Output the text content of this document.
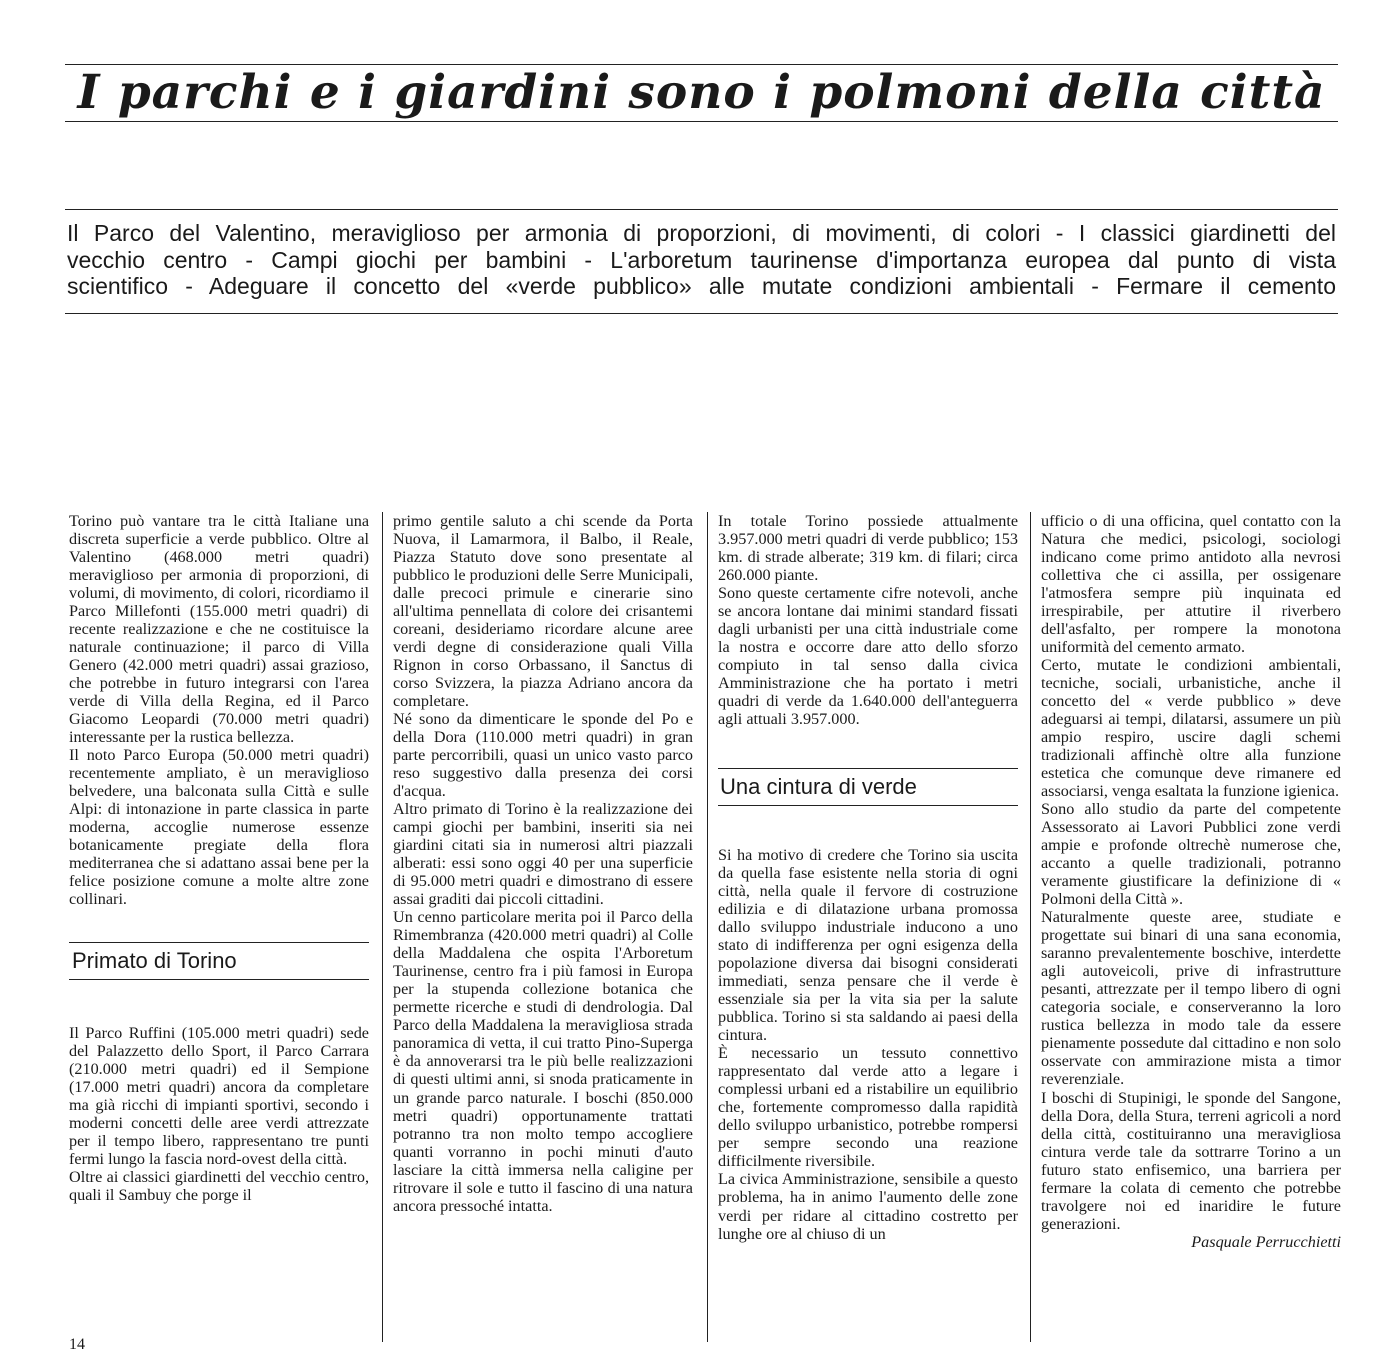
I parchi e i giardini sono i polmoni della città
Il Parco del Valentino, meraviglioso per armonia di proporzioni, di movimenti, di colori - I classici giardinetti del
vecchio centro - Campi giochi per bambini - L'arboretum taurinense d'importanza europea dal punto di vista
scientifico - Adeguare il concetto del «verde pubblico» alle mutate condizioni ambientali - Fermare il cemento

Torino può vantare tra le città Italiane una discreta superficie a verde pubblico. Oltre al Valentino (468.000 metri quadri) meraviglioso per armonia di proporzioni, di volumi, di movimento, di colori, ricordiamo il Parco Millefonti (155.000 metri quadri) di recente realizzazione e che ne costituisce la naturale continuazione; il parco di Villa Genero (42.000 metri quadri) assai grazioso, che potrebbe in futuro integrarsi con l'area verde di Villa della Regina, ed il Parco Giacomo Leopardi (70.000 metri quadri) interessante per la rustica bellezza.

Il noto Parco Europa (50.000 metri quadri) recentemente ampliato, è un meraviglioso belvedere, una balconata sulla Città e sulle Alpi: di intonazione in parte classica in parte moderna, accoglie numerose essenze botanicamente pregiate della flora mediterranea che si adattano assai bene per la felice posizione comune a molte altre zone collinari.

Primato di Torino

Il Parco Ruffini (105.000 metri quadri) sede del Palazzetto dello Sport, il Parco Carrara (210.000 metri quadri) ed il Sempione (17.000 metri quadri) ancora da completare ma già ricchi di impianti sportivi, secondo i moderni concetti delle aree verdi attrezzate per il tempo libero, rappresentano tre punti fermi lungo la fascia nord-ovest della città.

Oltre ai classici giardinetti del vecchio centro, quali il Sambuy che porge il

primo gentile saluto a chi scende da Porta Nuova, il Lamarmora, il Balbo, il Reale, Piazza Statuto dove sono presentate al pubblico le produzioni delle Serre Municipali, dalle precoci primule e cinerarie sino all'ultima pennellata di colore dei crisantemi coreani, desideriamo ricordare alcune aree verdi degne di considerazione quali Villa Rignon in corso Orbassano, il Sanctus di corso Svizzera, la piazza Adriano ancora da completare.

Né sono da dimenticare le sponde del Po e della Dora (110.000 metri quadri) in gran parte percorribili, quasi un unico vasto parco reso suggestivo dalla presenza dei corsi d'acqua.

Altro primato di Torino è la realizzazione dei campi giochi per bambini, inseriti sia nei giardini citati sia in numerosi altri piazzali alberati: essi sono oggi 40 per una superficie di 95.000 metri quadri e dimostrano di essere assai graditi dai piccoli cittadini.

Un cenno particolare merita poi il Parco della Rimembranza (420.000 metri quadri) al Colle della Maddalena che ospita l'Arboretum Taurinense, centro fra i più famosi in Europa per la stupenda collezione botanica che permette ricerche e studi di dendrologia. Dal Parco della Maddalena la meravigliosa strada panoramica di vetta, il cui tratto Pino-Superga è da annoverarsi tra le più belle realizzazioni di questi ultimi anni, si snoda praticamente in un grande parco naturale. I boschi (850.000 metri quadri) opportunamente trattati potranno tra non molto tempo accogliere quanti vorranno in pochi minuti d'auto lasciare la città immersa nella caligine per ritrovare il sole e tutto il fascino di una natura ancora pressoché intatta.

In totale Torino possiede attualmente 3.957.000 metri quadri di verde pubblico; 153 km. di strade alberate; 319 km. di filari; circa 260.000 piante.

Sono queste certamente cifre notevoli, anche se ancora lontane dai minimi standard fissati dagli urbanisti per una città industriale come la nostra e occorre dare atto dello sforzo compiuto in tal senso dalla civica Amministrazione che ha portato i metri quadri di verde da 1.640.000 dell'anteguerra agli attuali 3.957.000.

Una cintura di verde

Si ha motivo di credere che Torino sia uscita da quella fase esistente nella storia di ogni città, nella quale il fervore di costruzione edilizia e di dilatazione urbana promossa dallo sviluppo industriale inducono a uno stato di indifferenza per ogni esigenza della popolazione diversa dai bisogni considerati immediati, senza pensare che il verde è essenziale sia per la vita sia per la salute pubblica. Torino si sta saldando ai paesi della cintura.

È necessario un tessuto connettivo rappresentato dal verde atto a legare i complessi urbani ed a ristabilire un equilibrio che, fortemente compromesso dalla rapidità dello sviluppo urbanistico, potrebbe rompersi per sempre secondo una reazione difficilmente riversibile.

La civica Amministrazione, sensibile a questo problema, ha in animo l'aumento delle zone verdi per ridare al cittadino costretto per lunghe ore al chiuso di un

ufficio o di una officina, quel contatto con la Natura che medici, psicologi, sociologi indicano come primo antidoto alla nevrosi collettiva che ci assilla, per ossigenare l'atmosfera sempre più inquinata ed irrespirabile, per attutire il riverbero dell'asfalto, per rompere la monotona uniformità del cemento armato.

Certo, mutate le condizioni ambientali, tecniche, sociali, urbanistiche, anche il concetto del « verde pubblico » deve adeguarsi ai tempi, dilatarsi, assumere un più ampio respiro, uscire dagli schemi tradizionali affinchè oltre alla funzione estetica che comunque deve rimanere ed associarsi, venga esaltata la funzione igienica.

Sono allo studio da parte del competente Assessorato ai Lavori Pubblici zone verdi ampie e profonde oltrechè numerose che, accanto a quelle tradizionali, potranno veramente giustificare la definizione di « Polmoni della Città ».

Naturalmente queste aree, studiate e progettate sui binari di una sana economia, saranno prevalentemente boschive, interdette agli autoveicoli, prive di infrastrutture pesanti, attrezzate per il tempo libero di ogni categoria sociale, e conserveranno la loro rustica bellezza in modo tale da essere pienamente possedute dal cittadino e non solo osservate con ammirazione mista a timor reverenziale.

I boschi di Stupinigi, le sponde del Sangone, della Dora, della Stura, terreni agricoli a nord della città, costituiranno una meravigliosa cintura verde tale da sottrarre Torino a un futuro stato enfisemico, una barriera per fermare la colata di cemento che potrebbe travolgere noi ed inaridire le future generazioni.

Pasquale Perrucchietti

14
